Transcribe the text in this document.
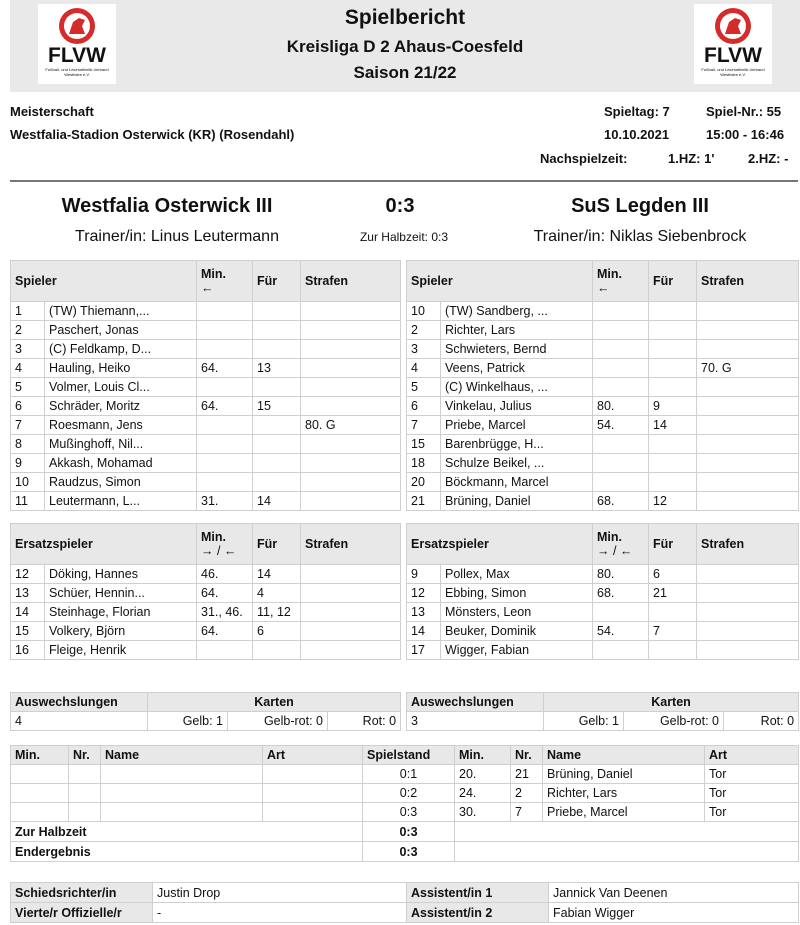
Spielbericht
Kreisliga D 2 Ahaus-Coesfeld
Saison 21/22
FLVW
Fußball- und Leichtathletik-Verband
Westfalen e.V.
FLVW
Fußball- und Leichtathletik-Verband
Westfalen e.V.
Meisterschaft
Westfalia-Stadion Osterwick (KR) (Rosendahl)
Spieltag: 7	Spiel-Nr.: 55
10.10.2021	15:00 - 16:46
Nachspielzeit:	1.HZ: 1'	2.HZ: -
Westfalia Osterwick III	0:3	SuS Legden III
Trainer/in: Linus Leutermann	Zur Halbzeit: 0:3	Trainer/in: Niklas Siebenbrock
Spieler		Min.
←	Für	Strafen
1	(TW) Thiemann,...			
2	Paschert, Jonas			
3	(C) Feldkamp, D...			
4	Hauling, Heiko	64.	13	
5	Volmer, Louis Cl...			
6	Schräder, Moritz	64.	15	
7	Roesmann, Jens			80. G
8	Mußinghoff, Nil...			
9	Akkash, Mohamad			
10	Raudzus, Simon			
11	Leutermann, L...	31.	14	
Spieler		Min.
←	Für	Strafen
10	(TW) Sandberg, ...			
2	Richter, Lars			
3	Schwieters, Bernd			
4	Veens, Patrick			70. G
5	(C) Winkelhaus, ...			
6	Vinkelau, Julius	80.	9	
7	Priebe, Marcel	54.	14	
15	Barenbrügge, H...			
18	Schulze Beikel, ...			
20	Böckmann, Marcel			
21	Brüning, Daniel	68.	12	
Ersatzspieler		Min.
→ / ←	Für	Strafen
12	Döking, Hannes	46.	14	
13	Schüer, Hennin...	64.	4	
14	Steinhage, Florian	31., 46.	11, 12	
15	Volkery, Björn	64.	6	
16	Fleige, Henrik			
Ersatzspieler		Min.
→ / ←	Für	Strafen
9	Pollex, Max	80.	6	
12	Ebbing, Simon	68.	21	
13	Mönsters, Leon			
14	Beuker, Dominik	54.	7	
17	Wigger, Fabian			
Auswechslungen	Karten		
4	Gelb: 1	Gelb-rot: 0	Rot: 0
Auswechslungen	Karten		
3	Gelb: 1	Gelb-rot: 0	Rot: 0
Min.	Nr.	Name	Art	Spielstand	Min.	Nr.	Name	Art
				0:1	20.	21	Brüning, Daniel	Tor
				0:2	24.	2	Richter, Lars	Tor
				0:3	30.	7	Priebe, Marcel	Tor
Zur Halbzeit				0:3				
Endergebnis				0:3				
Schiedsrichter/in	Justin Drop	Assistent/in 1	Jannick Van Deenen
Vierte/r Offizielle/r	-	Assistent/in 2	Fabian Wigger
